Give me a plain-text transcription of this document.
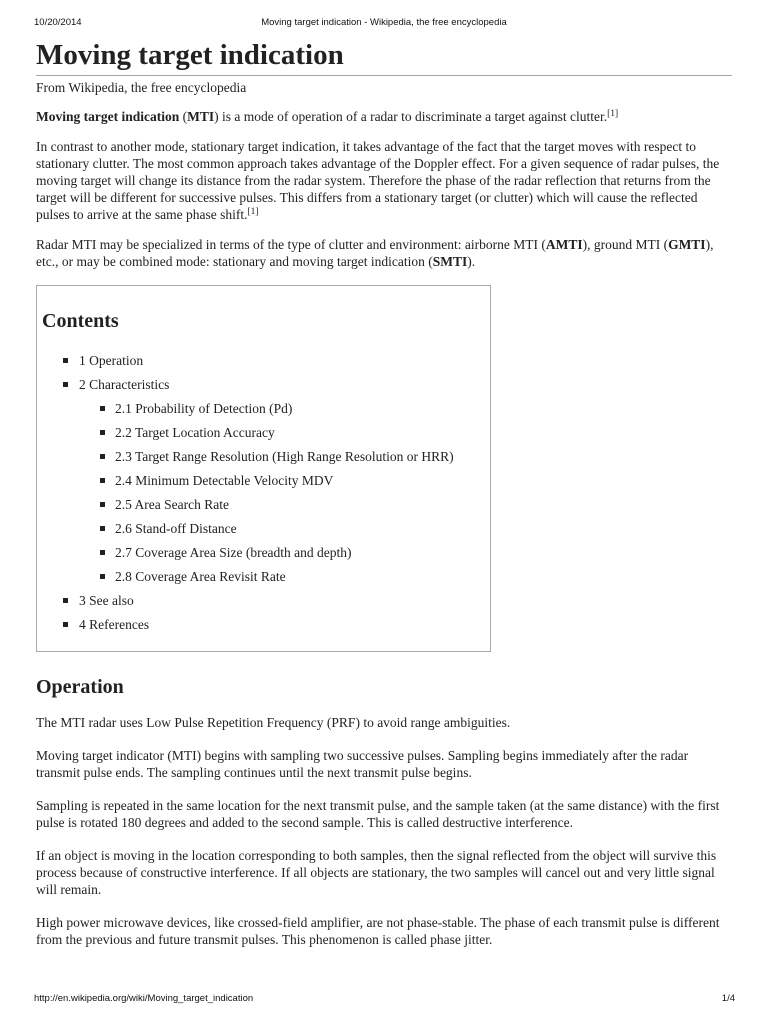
10/20/2014	Moving target indication - Wikipedia, the free encyclopedia
Moving target indication
From Wikipedia, the free encyclopedia

Moving target indication (MTI) is a mode of operation of a radar to discriminate a target against clutter.[1]

In contrast to another mode, stationary target indication, it takes advantage of the fact that the target moves with respect to stationary clutter. The most common approach takes advantage of the Doppler effect. For a given sequence of radar pulses, the moving target will change its distance from the radar system. Therefore the phase of the radar reflection that returns from the target will be different for successive pulses. This differs from a stationary target (or clutter) which will cause the reflected pulses to arrive at the same phase shift.[1]

Radar MTI may be specialized in terms of the type of clutter and environment: airborne MTI (AMTI), ground MTI (GMTI), etc., or may be combined mode: stationary and moving target indication (SMTI).

Contents
1 Operation
2 Characteristics
2.1 Probability of Detection (Pd)
2.2 Target Location Accuracy
2.3 Target Range Resolution (High Range Resolution or HRR)
2.4 Minimum Detectable Velocity MDV
2.5 Area Search Rate
2.6 Stand-off Distance
2.7 Coverage Area Size (breadth and depth)
2.8 Coverage Area Revisit Rate
3 See also
4 References
Operation

The MTI radar uses Low Pulse Repetition Frequency (PRF) to avoid range ambiguities.

Moving target indicator (MTI) begins with sampling two successive pulses. Sampling begins immediately after the radar transmit pulse ends. The sampling continues until the next transmit pulse begins.

Sampling is repeated in the same location for the next transmit pulse, and the sample taken (at the same distance) with the first pulse is rotated 180 degrees and added to the second sample. This is called destructive interference.

If an object is moving in the location corresponding to both samples, then the signal reflected from the object will survive this process because of constructive interference. If all objects are stationary, the two samples will cancel out and very little signal will remain.

High power microwave devices, like crossed-field amplifier, are not phase-stable. The phase of each transmit pulse is different from the previous and future transmit pulses. This phenomenon is called phase jitter.

http://en.wikipedia.org/wiki/Moving_target_indication	1/4
